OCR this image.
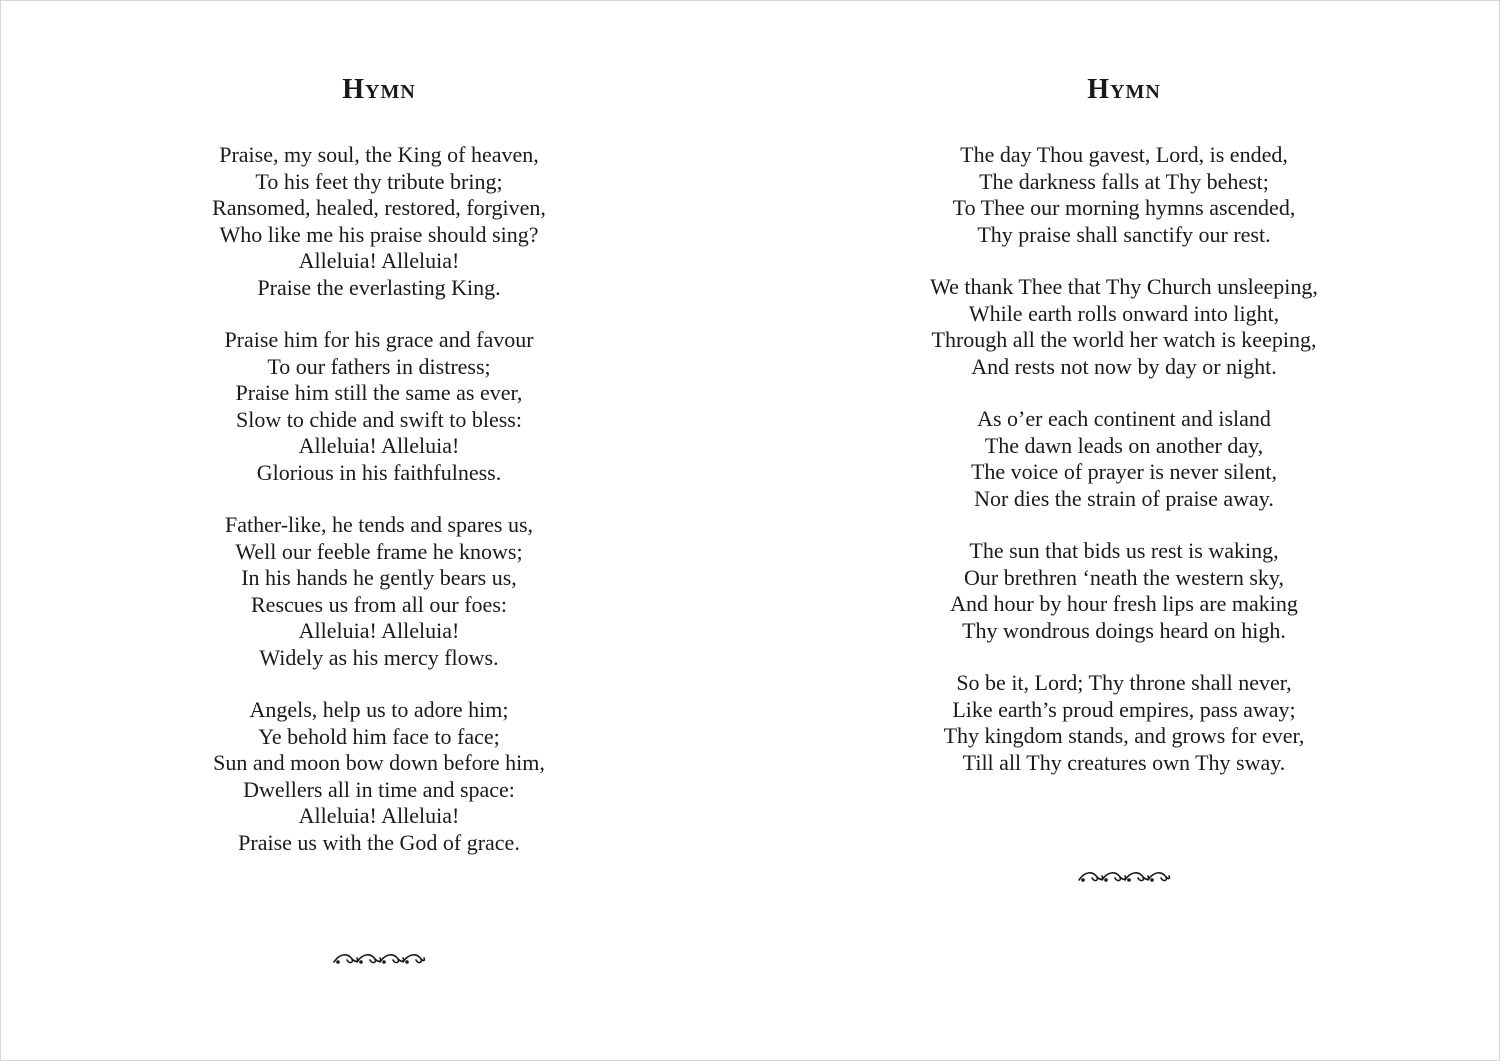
Hymn
Praise, my soul, the King of heaven,
To his feet thy tribute bring;
Ransomed, healed, restored, forgiven,
Who like me his praise should sing?
Alleluia! Alleluia!
Praise the everlasting King.
Praise him for his grace and favour
To our fathers in distress;
Praise him still the same as ever,
Slow to chide and swift to bless:
Alleluia! Alleluia!
Glorious in his faithfulness.
Father-like, he tends and spares us,
Well our feeble frame he knows;
In his hands he gently bears us,
Rescues us from all our foes:
Alleluia! Alleluia!
Widely as his mercy flows.
Angels, help us to adore him;
Ye behold him face to face;
Sun and moon bow down before him,
Dwellers all in time and space:
Alleluia! Alleluia!
Praise us with the God of grace.
Hymn
The day Thou gavest, Lord, is ended,
The darkness falls at Thy behest;
To Thee our morning hymns ascended,
Thy praise shall sanctify our rest.
We thank Thee that Thy Church unsleeping,
While earth rolls onward into light,
Through all the world her watch is keeping,
And rests not now by day or night.
As o’er each continent and island
The dawn leads on another day,
The voice of prayer is never silent,
Nor dies the strain of praise away.
The sun that bids us rest is waking,
Our brethren ‘neath the western sky,
And hour by hour fresh lips are making
Thy wondrous doings heard on high.
So be it, Lord; Thy throne shall never,
Like earth’s proud empires, pass away;
Thy kingdom stands, and grows for ever,
Till all Thy creatures own Thy sway.
